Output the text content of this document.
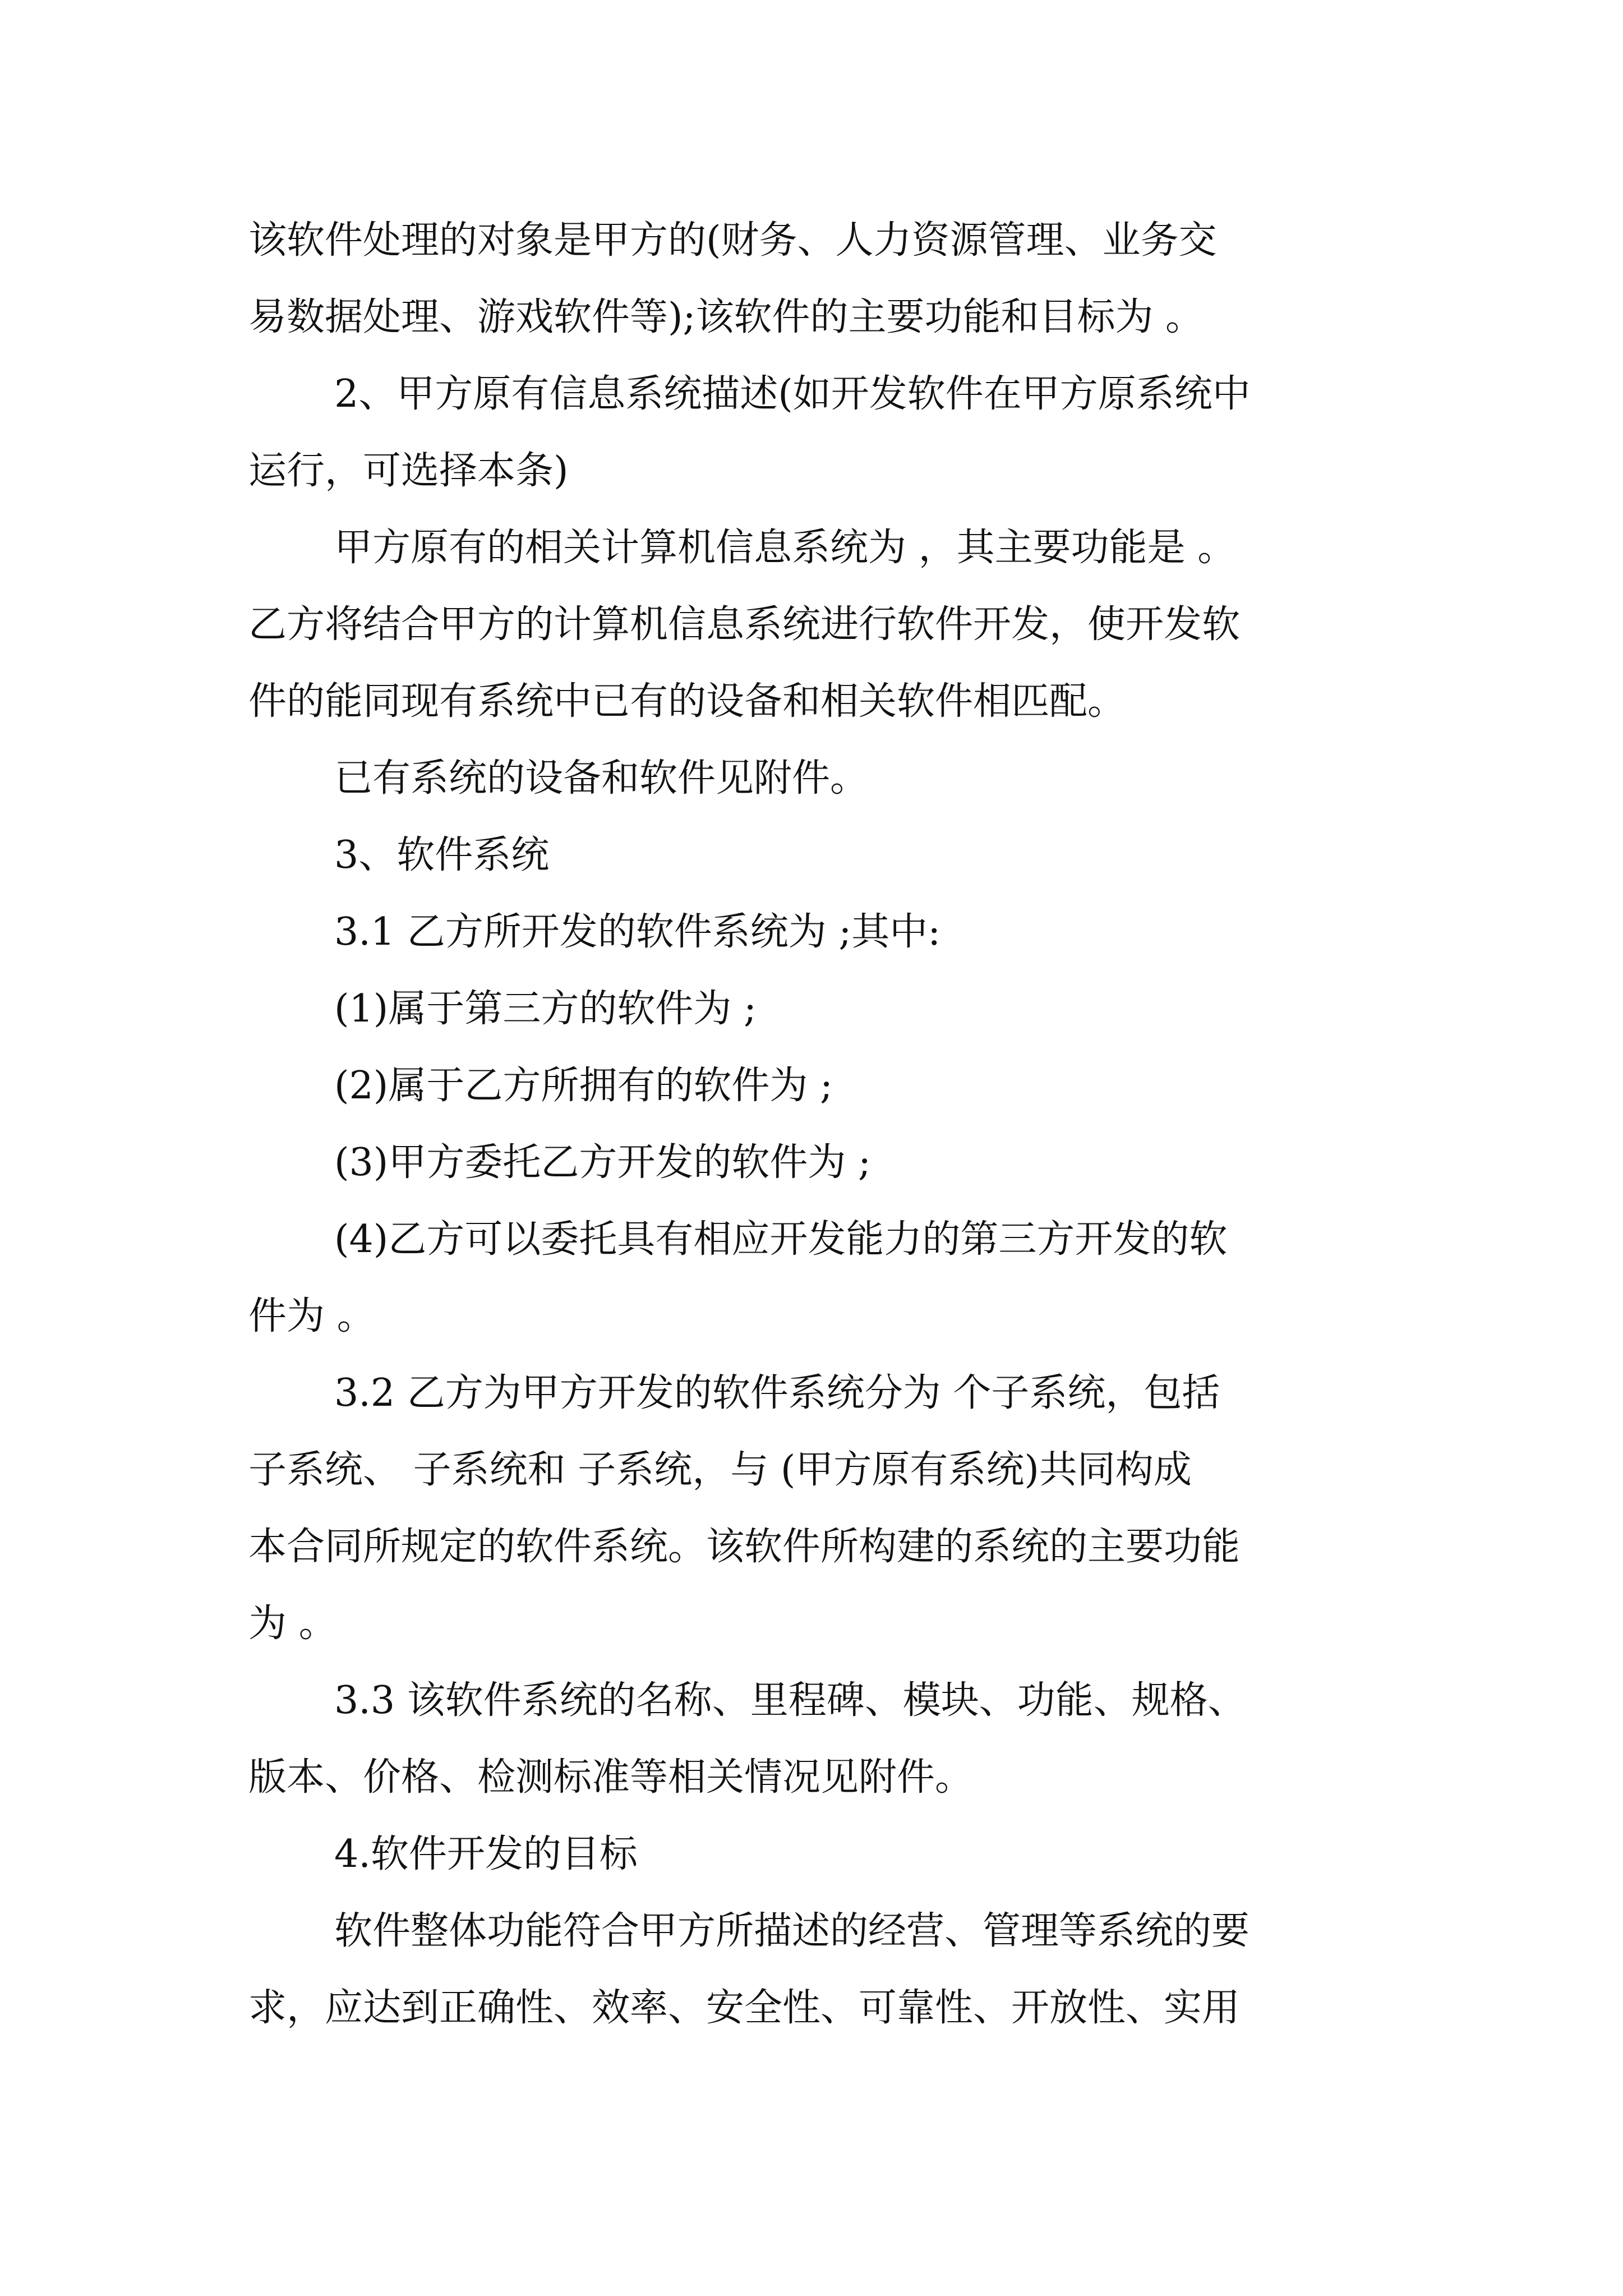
该软件处理的对象是甲方的(财务、人力资源管理、业务交

易数据处理、游戏软件等);该软件的主要功能和目标为 。

2、甲方原有信息系统描述(如开发软件在甲方原系统中

运行，可选择本条)

甲方原有的相关计算机信息系统为 ，其主要功能是 。

乙方将结合甲方的计算机信息系统进行软件开发，使开发软

件的能同现有系统中已有的设备和相关软件相匹配。

已有系统的设备和软件见附件。

3、软件系统

3.1 乙方所开发的软件系统为 ;其中:

(1)属于第三方的软件为 ;

(2)属于乙方所拥有的软件为 ;

(3)甲方委托乙方开发的软件为 ;

(4)乙方可以委托具有相应开发能力的第三方开发的软

件为 。

3.2 乙方为甲方开发的软件系统分为 个子系统，包括

子系统、 子系统和 子系统，与 (甲方原有系统)共同构成

本合同所规定的软件系统。该软件所构建的系统的主要功能

为 。

3.3 该软件系统的名称、里程碑、模块、功能、规格、

版本、价格、检测标准等相关情况见附件。

4.软件开发的目标

软件整体功能符合甲方所描述的经营、管理等系统的要

求，应达到正确性、效率、安全性、可靠性、开放性、实用
